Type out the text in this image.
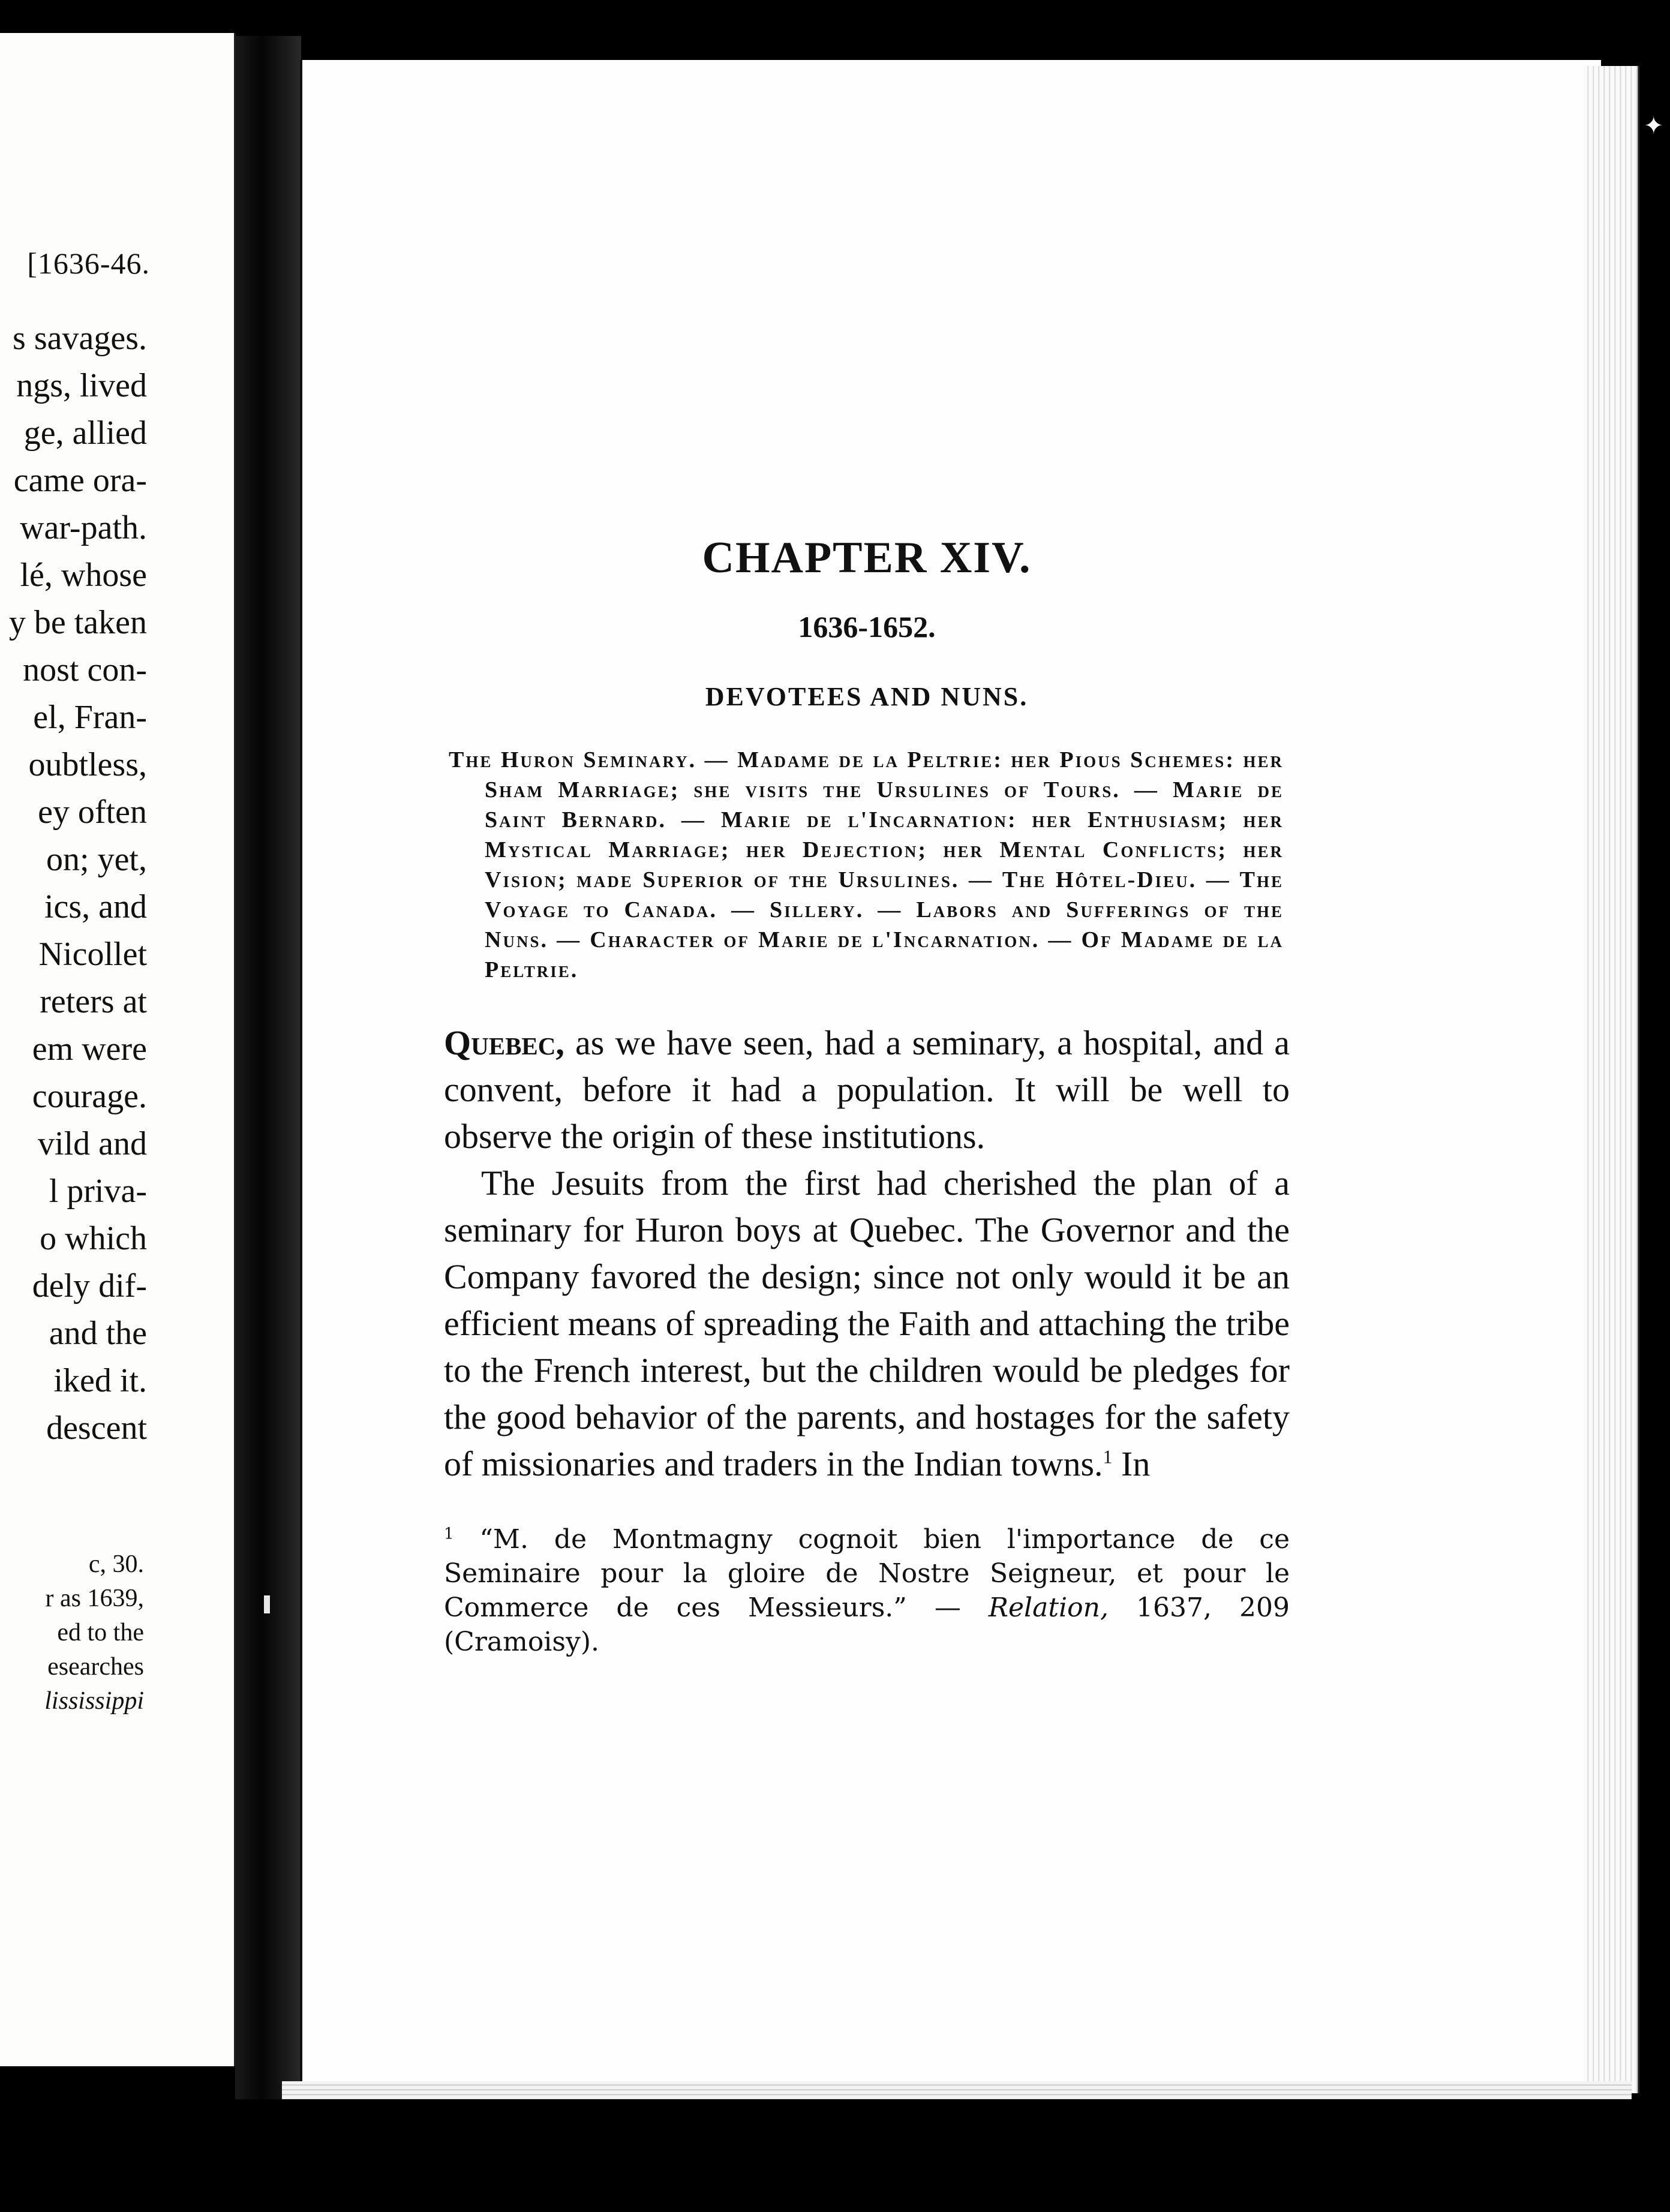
[1636-46.
s savages.
ngs, lived
ge, allied
came ora-
war-path.
lé, whose
y be taken
nost con-
el, Fran-
oubtless,
ey often
on; yet,
ics, and
Nicollet
reters at
em were
courage.
vild and
l priva-
o which
dely dif-
and the
iked it.
descent
c, 30.
r as 1639,
ed to the
esearches
lississippi
✦
CHAPTER XIV.
1636-1652.
DEVOTEES AND NUNS.
The Huron Seminary. — Madame de la Peltrie: her Pious Schemes: her Sham Marriage; she visits the Ursulines of Tours. — Marie de Saint Bernard. — Marie de l'Incarnation: her Enthusiasm; her Mystical Marriage; her Dejection; her Mental Conflicts; her Vision; made Superior of the Ursulines. — The Hôtel-Dieu. — The Voyage to Canada. — Sillery. — Labors and Sufferings of the Nuns. — Character of Marie de l'Incarnation. — Of Madame de la Peltrie.

Quebec, as we have seen, had a seminary, a hospital, and a convent, before it had a population. It will be well to observe the origin of these institutions.

The Jesuits from the first had cherished the plan of a seminary for Huron boys at Quebec. The Governor and the Company favored the design; since not only would it be an efficient means of spreading the Faith and attaching the tribe to the French interest, but the children would be pledges for the good behavior of the parents, and hostages for the safety of missionaries and traders in the Indian towns.$^1$ In

$^1$ “M. de Montmagny cognoit bien l'importance de ce Seminaire pour la gloire de Nostre Seigneur, et pour le Commerce de ces Messieurs.” — Relation, 1637, 209 (Cramoisy).
